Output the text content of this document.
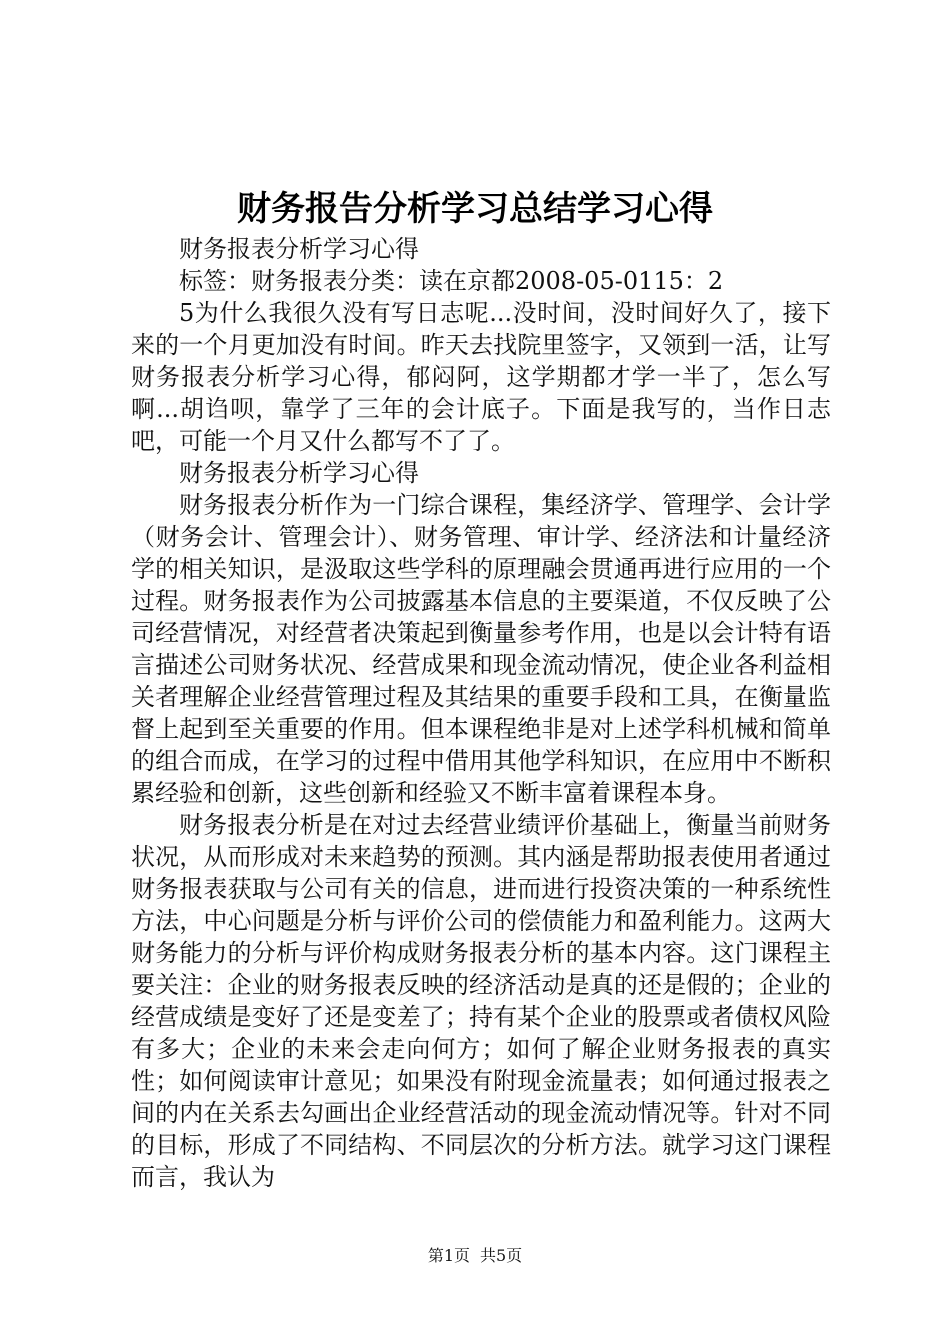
财务报告分析学习总结学习心得

财务报表分析学习心得

标签：财务报表分类：读在京都2008-05-0115：2

5为什么我很久没有写日志呢...没时间，没时间好久了，接下来的一个月更加没有时间。昨天去找院里签字，又领到一活，让写财务报表分析学习心得，郁闷阿，这学期都才学一半了，怎么写啊...胡诌呗，靠学了三年的会计底子。下面是我写的，当作日志吧，可能一个月又什么都写不了了。

财务报表分析学习心得

财务报表分析作为一门综合课程，集经济学、管理学、会计学（财务会计、管理会计）、财务管理、审计学、经济法和计量经济学的相关知识，是汲取这些学科的原理融会贯通再进行应用的一个过程。财务报表作为公司披露基本信息的主要渠道，不仅反映了公司经营情况，对经营者决策起到衡量参考作用，也是以会计特有语言描述公司财务状况、经营成果和现金流动情况，使企业各利益相关者理解企业经营管理过程及其结果的重要手段和工具，在衡量监督上起到至关重要的作用。但本课程绝非是对上述学科机械和简单的组合而成，在学习的过程中借用其他学科知识，在应用中不断积累经验和创新，这些创新和经验又不断丰富着课程本身。

财务报表分析是在对过去经营业绩评价基础上，衡量当前财务状况，从而形成对未来趋势的预测。其内涵是帮助报表使用者通过财务报表获取与公司有关的信息，进而进行投资决策的一种系统性方法，中心问题是分析与评价公司的偿债能力和盈利能力。这两大财务能力的分析与评价构成财务报表分析的基本内容。这门课程主要关注：企业的财务报表反映的经济活动是真的还是假的；企业的经营成绩是变好了还是变差了；持有某个企业的股票或者债权风险有多大；企业的未来会走向何方；如何了解企业财务报表的真实性；如何阅读审计意见；如果没有附现金流量表；如何通过报表之间的内在关系去勾画出企业经营活动的现金流动情况等。针对不同的目标，形成了不同结构、不同层次的分析方法。就学习这门课程而言，我认为

第1页 共5页
